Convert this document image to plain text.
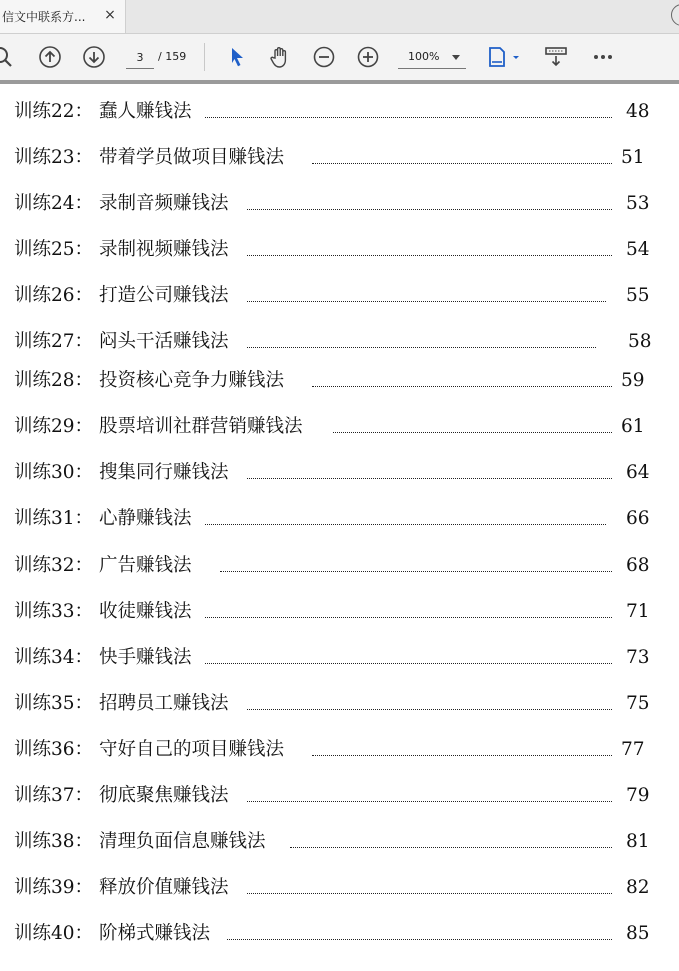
信文中联系方...	×
3
/ 159	100%
训练22： 蠢人赚钱法	48
训练23： 带着学员做项目赚钱法	51
训练24： 录制音频赚钱法	53
训练25： 录制视频赚钱法	54
训练26： 打造公司赚钱法	55
训练27： 闷头干活赚钱法	58
训练28： 投资核心竞争力赚钱法	59
训练29： 股票培训社群营销赚钱法	61
训练30： 搜集同行赚钱法	64
训练31： 心静赚钱法	66
训练32： 广告赚钱法	68
训练33： 收徒赚钱法	71
训练34： 快手赚钱法	73
训练35： 招聘员工赚钱法	75
训练36： 守好自己的项目赚钱法	77
训练37： 彻底聚焦赚钱法	79
训练38： 清理负面信息赚钱法	81
训练39： 释放价值赚钱法	82
训练40： 阶梯式赚钱法	85
